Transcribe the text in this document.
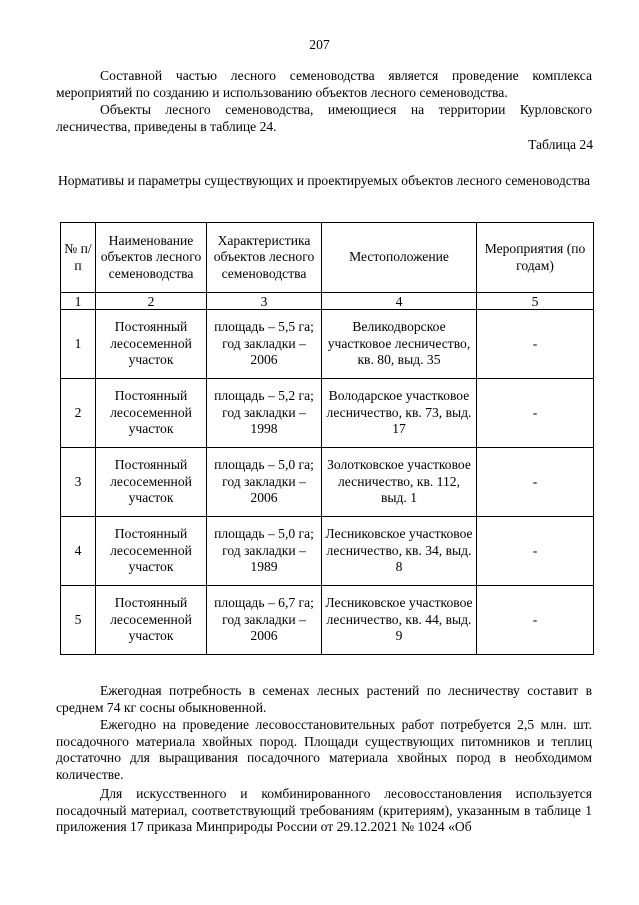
207

Составной частью лесного семеноводства является проведение комплекса мероприятий по созданию и использованию объектов лесного семеноводства.

Объекты лесного семеноводства, имеющиеся на территории Курловского лесничества, приведены в таблице 24.

Таблица 24
Нормативы и параметры существующих и проектируемых объектов лесного семеноводства
№ п/п	Наименование объектов лесного семеноводства	Характеристика объектов лесного семеноводства	Местоположение	Мероприятия (по годам)
1	2	3	4	5
1	Постоянный лесосеменной участок	площадь – 5,5 га; год закладки – 2006	Великодворское участковое лесничество, кв. 80, выд. 35	-
2	Постоянный лесосеменной участок	площадь – 5,2 га; год закладки – 1998	Володарское участковое лесничество, кв. 73, выд. 17	-
3	Постоянный лесосеменной участок	площадь – 5,0 га; год закладки – 2006	Золотковское участковое лесничество, кв. 112, выд. 1	-
4	Постоянный лесосеменной участок	площадь – 5,0 га; год закладки – 1989	Лесниковское участковое лесничество, кв. 34, выд. 8	-
5	Постоянный лесосеменной участок	площадь – 6,7 га; год закладки – 2006	Лесниковское участковое лесничество, кв. 44, выд. 9	-

Ежегодная потребность в семенах лесных растений по лесничеству составит в среднем 74 кг сосны обыкновенной.

Ежегодно на проведение лесовосстановительных работ потребуется 2,5 млн. шт. посадочного материала хвойных пород. Площади существующих питомников и теплиц достаточно для выращивания посадочного материала хвойных пород в необходимом количестве.

Для искусственного и комбинированного лесовосстановления используется посадочный материал, соответствующий требованиям (критериям), указанным в таблице 1 приложения 17 приказа Минприроды России от 29.12.2021 № 1024 «Об
